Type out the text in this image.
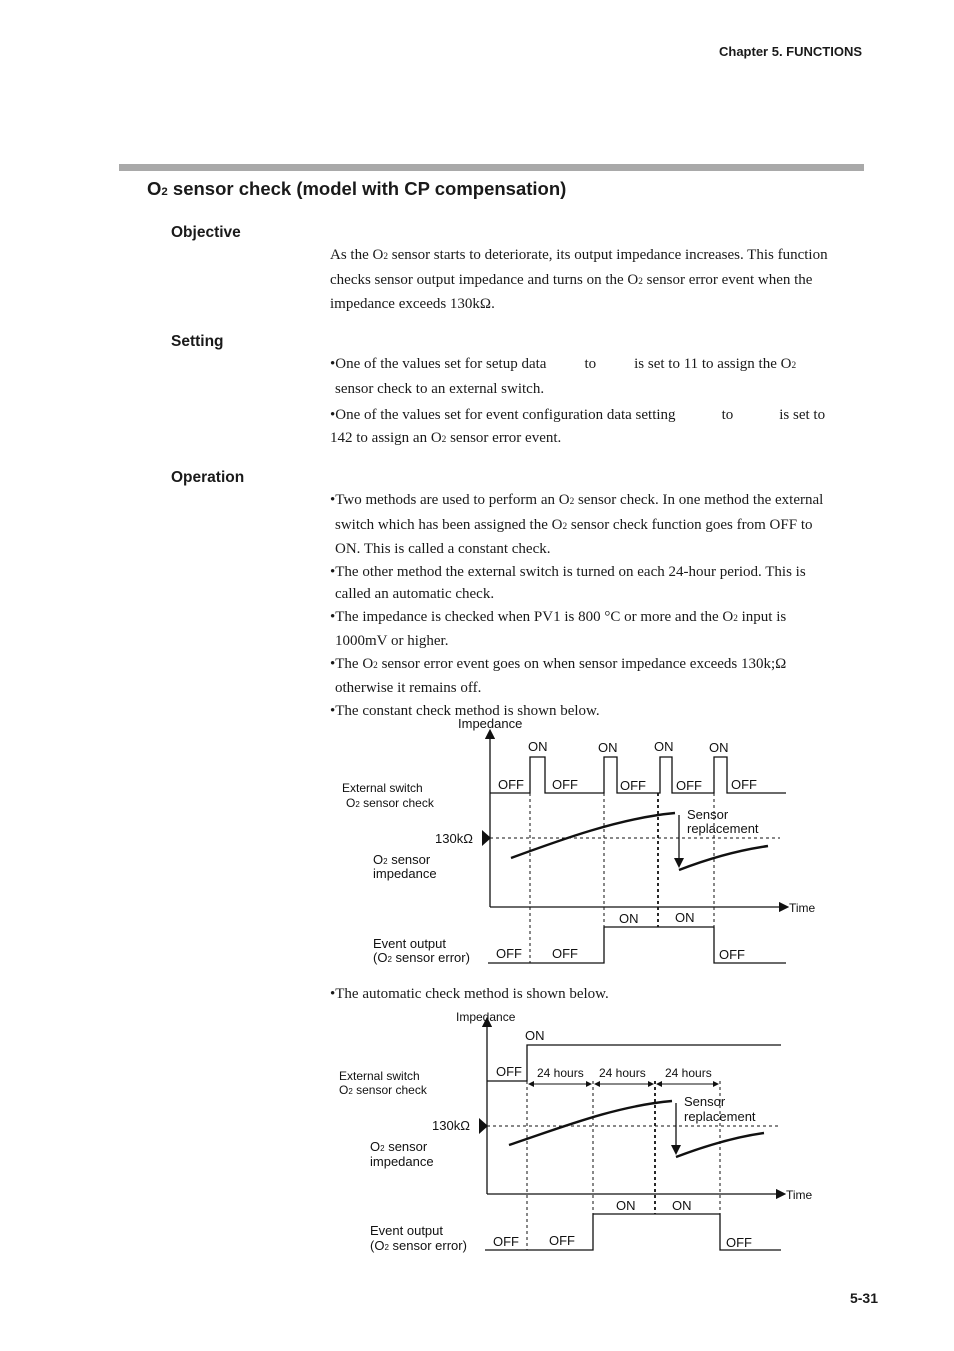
Chapter 5. FUNCTIONS
O2 sensor check (model with CP compensation)
Objective

As the O2 sensor starts to deteriorate, its output impedance increases. This function

checks sensor output impedance and turns on the O2 sensor error event when the

impedance exceeds 130kΩ.

Setting

•One of the values set for setup data	to	is set to 11 to assign the O2

sensor check to an external switch.

•One of the values set for event configuration data setting	to	is set to

142 to assign an O2 sensor error event.

Operation

•Two methods are used to perform an O2 sensor check. In one method the external

switch which has been assigned the O2 sensor check function goes from OFF to

ON. This is called a constant check.

•The other method the external switch is turned on each 24-hour period. This is

called an automatic check.

•The impedance is checked when PV1 is 800 °C or more and the O2 input is

1000mV or higher.

•The O2 sensor error event goes on when sensor impedance exceeds 130k;Ω

otherwise it remains off.

•The constant check method is shown below.

Impedance
Time
ON	ON	ON	ON
OFF OFF	OFF OFF OFF
External switch
O2 sensor check
130kΩ
Sensor
replacement
O2 sensor
impedance
ON	ON
Event output
(O2 sensor error) OFF OFF	OFF
•The automatic check method is shown below.
Impedance
Time
ON
OFF 24 hours 24 hours 24 hours
External switch
O2 sensor check
130kΩ
Sensor
replacement
O2 sensor
impedance
ON	ON
Event output
(O2 sensor error) OFF OFF	OFF
5-31
